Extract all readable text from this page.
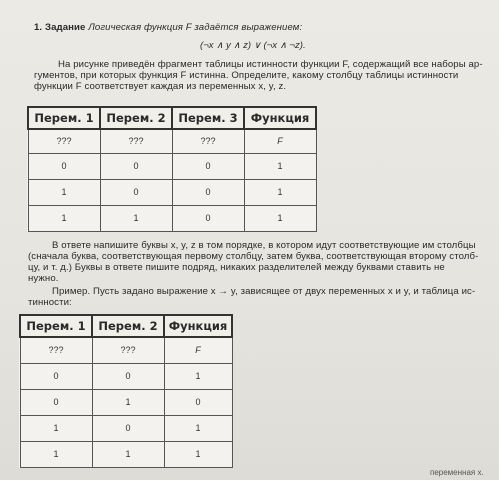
1. Задание Логическая функция F задаётся выражением:
(¬x ∧ y ∧ z) ∨ (¬x ∧ ¬z).
На рисунке приведён фрагмент таблицы истинности функции F, содержащий все наборы ар-
гументов, при которых функция F истинна. Определите, какому столбцу таблицы истинности
функции F соответствует каждая из переменных x, y, z.
Перем. 1	Перем. 2	Перем. 3	Функция
???	???	???	F
0	0	0	1
1	0	0	1
1	1	0	1
В ответе напишите буквы x, y, z в том порядке, в котором идут соответствующие им столбцы
(сначала буква, соответствующая первому столбцу, затем буква, соответствующая второму столб-
цу, и т. д.) Буквы в ответе пишите подряд, никаких разделителей между буквами ставить не
нужно.
Пример. Пусть задано выражение x → y, зависящее от двух переменных x и y, и таблица ис-
тинности:
Перем. 1	Перем. 2	Функция
???	???	F
0	0	1
0	1	0
1	0	1
1	1	1
переменная x.
